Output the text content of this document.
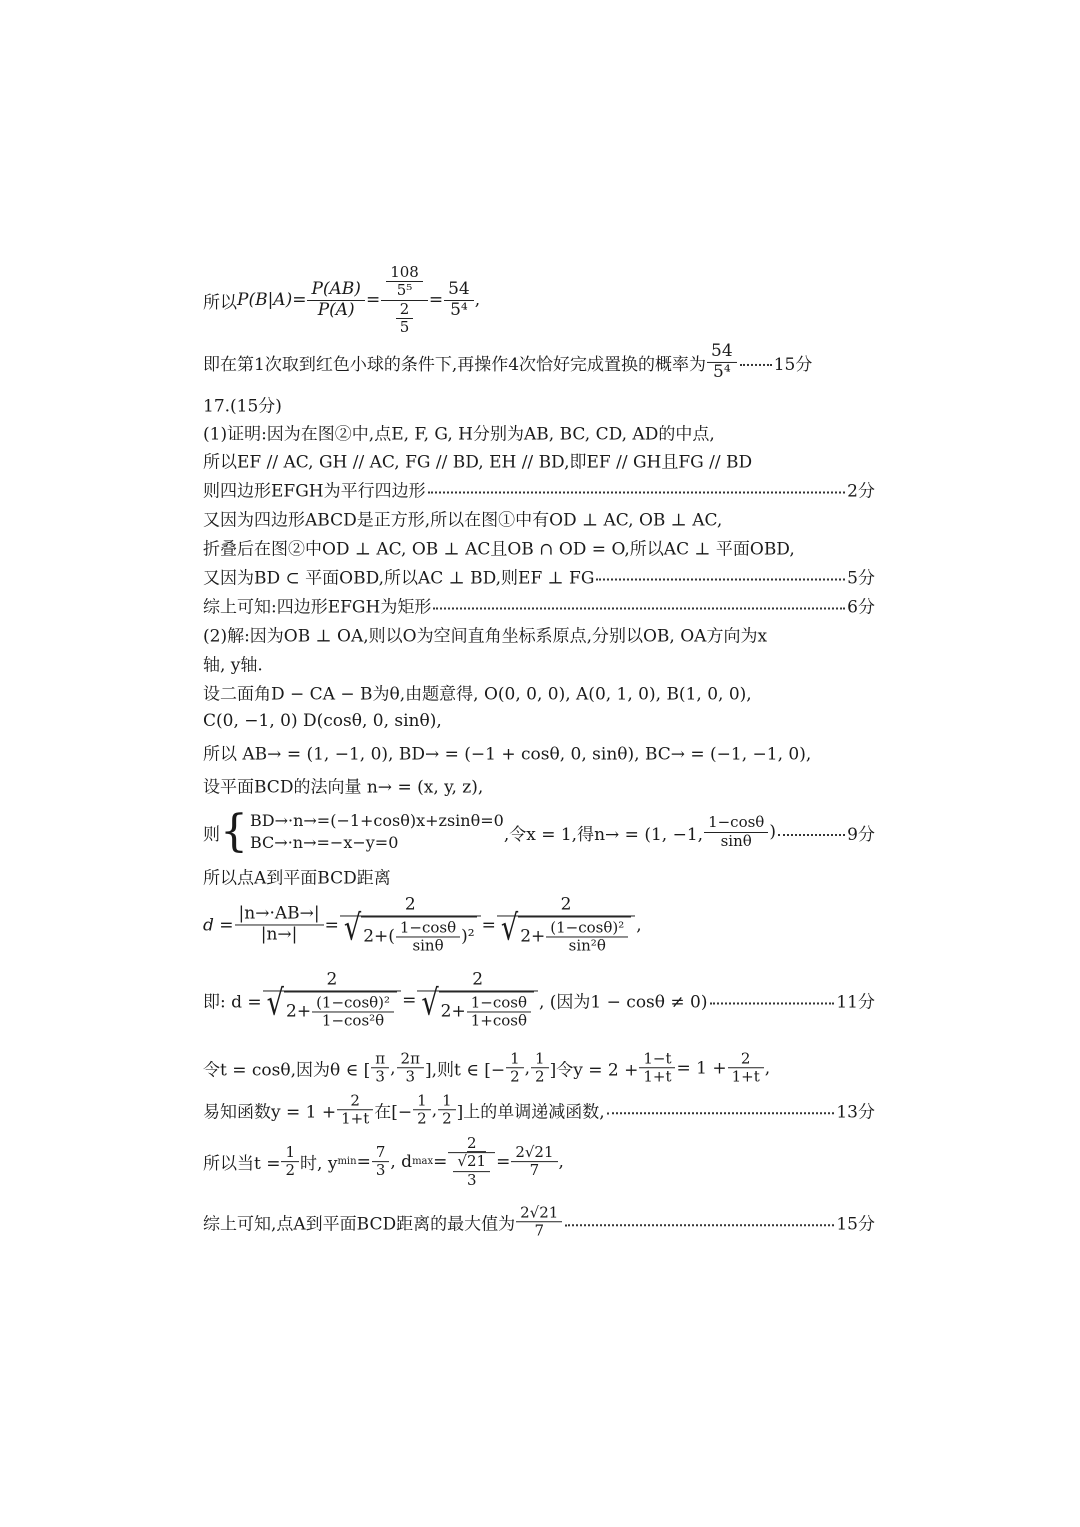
所以 $P(B|A)= \frac{P(AB)}{P(A)} = \frac{\frac{108}{\text{5⁵}}}{\frac{2}{5}} = \frac{54}{\text{5⁴}}$ ,
即在第1次取到红色小球的条件下,再操作4次恰好完成置换的概率为
54
5⁴	15分
17.(15分)
(1)证明:因为在图②中,点E, F, G, H分别为AB, BC, CD, AD的中点,
所以EF // AC, GH // AC, FG // BD, EH // BD,即EF // GH且FG // BD
则四边形EFGH为平行四边形	2分
又因为四边形ABCD是正方形,所以在图①中有OD ⊥ AC, OB ⊥ AC,
折叠后在图②中OD ⊥ AC, OB ⊥ AC且OB ∩ OD = O,所以AC ⊥ 平面OBD,
又因为BD ⊂ 平面OBD,所以AC ⊥ BD,则EF ⊥ FG	5分
综上可知:四边形EFGH为矩形	6分
(2)解:因为OB ⊥ OA,则以O为空间直角坐标系原点,分别以OB, OA方向为x
轴, y轴.
设二面角D − CA − B为θ,由题意得, O(0, 0, 0), A(0, 1, 0), B(1, 0, 0),
C(0, −1, 0) D(cosθ, 0, sinθ),
所以 AB→ = (1, −1, 0), BD→ = (−1 + cosθ, 0, sinθ), BC→ = (−1, −1, 0),
设平面BCD的法向量 n→ = (x, y, z),
则 { BD→·n→=(−1+cosθ)x+zsinθ=0
BC→·n→=−x−y=0	,令x = 1,得n→ = (1, −1,
1−cosθ
sinθ	)	9分
所以点A到平面BCD距离
$d = \frac{|n\to\cdot AB\to|}{|n\to|} = 2$
√ 2+( 1−cosθ
sinθ	)$^2 = \frac{2}{√ 2+ \frac{\text{(1−cosθ)²}}{\text{sin²θ}}}$ ,
即: $d = \frac{2}{√ 2+ \frac{\text{(1−cosθ)²}}{\text{1−cos²θ}}} = \frac{2}{√ 2+ \frac{1-\cos\theta}{1+\cos\theta}}$ , (因为1 − cosθ ≠ 0)	11分
令t = cosθ,因为θ ∈ [
π
3 , 2π
3 ],则t ∈ [− $\frac{1}{2}$ , 1
2 ]令$y = 2 + \frac{1-t}{1+t} = 1 + \frac{2}{1+t}$ ,
易知函数$y = 1 + \frac{2}{1+t}$ 在[− $\frac{1}{2}$ , 1
2 ]上的单调递减函数,	13分
所以当$t = \frac{1}{2}$ 时, y $\min = \frac{7}{3}$ , d $\max = \frac{2}{\frac{√21}{3}} = \frac{2√21}{7}$ ,
综上可知,点A到平面BCD距离的最大值为
2√21
7	15分
